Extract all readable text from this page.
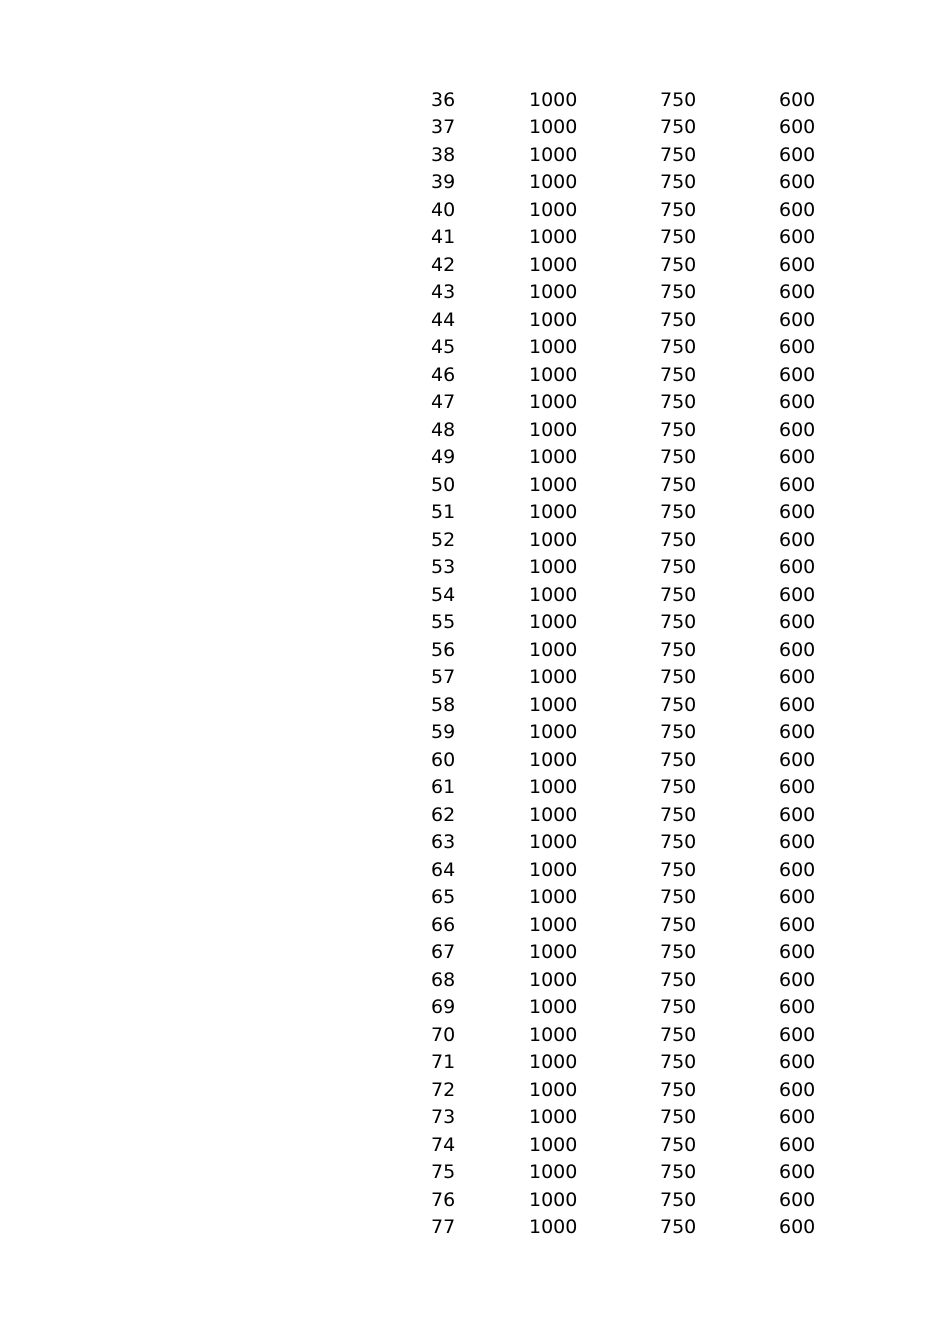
36	1000	750	600
37	1000	750	600
38	1000	750	600
39	1000	750	600
40	1000	750	600
41	1000	750	600
42	1000	750	600
43	1000	750	600
44	1000	750	600
45	1000	750	600
46	1000	750	600
47	1000	750	600
48	1000	750	600
49	1000	750	600
50	1000	750	600
51	1000	750	600
52	1000	750	600
53	1000	750	600
54	1000	750	600
55	1000	750	600
56	1000	750	600
57	1000	750	600
58	1000	750	600
59	1000	750	600
60	1000	750	600
61	1000	750	600
62	1000	750	600
63	1000	750	600
64	1000	750	600
65	1000	750	600
66	1000	750	600
67	1000	750	600
68	1000	750	600
69	1000	750	600
70	1000	750	600
71	1000	750	600
72	1000	750	600
73	1000	750	600
74	1000	750	600
75	1000	750	600
76	1000	750	600
77	1000	750	600
